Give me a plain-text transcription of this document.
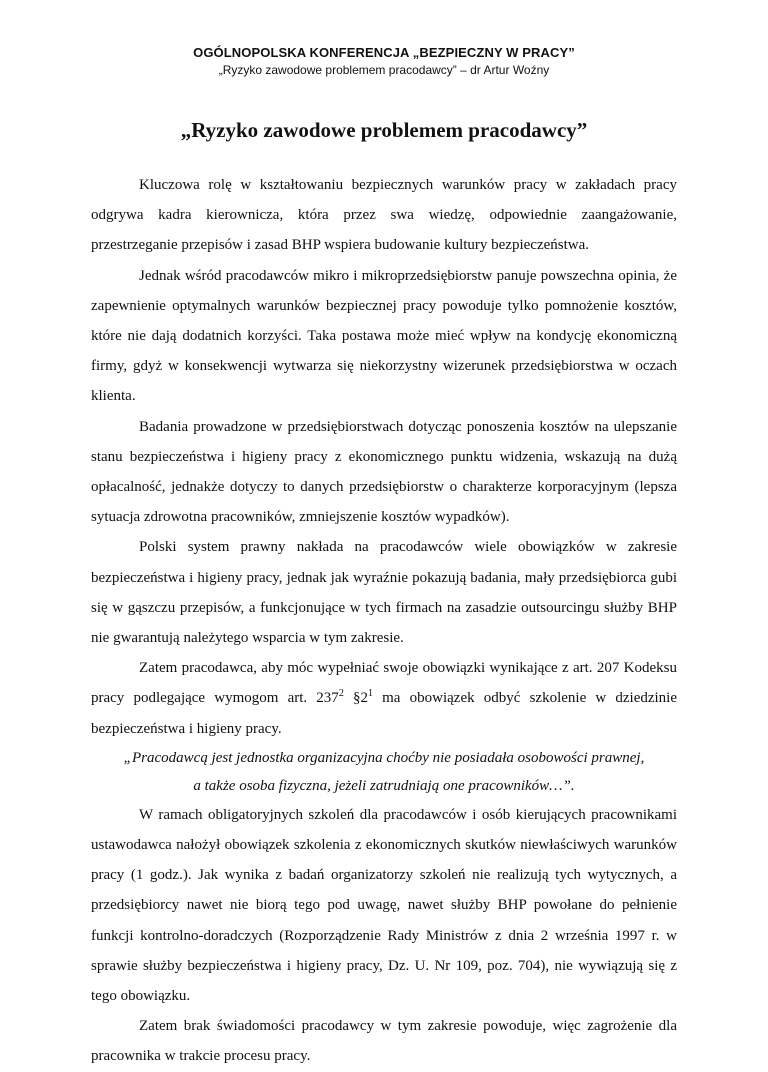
OGÓLNOPOLSKA KONFERENCJA „BEZPIECZNY W PRACY”
„Ryzyko zawodowe problemem pracodawcy” – dr Artur Woźny
„Ryzyko zawodowe problemem pracodawcy”

Kluczowa rolę w kształtowaniu bezpiecznych warunków pracy w zakładach pracy odgrywa kadra kierownicza, która przez swa wiedzę, odpowiednie zaangażowanie, przestrzeganie przepisów i zasad BHP wspiera budowanie kultury bezpieczeństwa.

Jednak wśród pracodawców mikro i mikroprzedsiębiorstw panuje powszechna opinia, że zapewnienie optymalnych warunków bezpiecznej pracy powoduje tylko pomnożenie kosztów, które nie dają dodatnich korzyści. Taka postawa może mieć wpływ na kondycję ekonomiczną firmy, gdyż w konsekwencji wytwarza się niekorzystny wizerunek przedsiębiorstwa w oczach klienta.

Badania prowadzone w przedsiębiorstwach dotycząc ponoszenia kosztów na ulepszanie stanu bezpieczeństwa i higieny pracy z ekonomicznego punktu widzenia, wskazują na dużą opłacalność, jednakże dotyczy to danych przedsiębiorstw o charakterze korporacyjnym (lepsza sytuacja zdrowotna pracowników, zmniejszenie kosztów wypadków).

Polski system prawny nakłada na pracodawców wiele obowiązków w zakresie bezpieczeństwa i higieny pracy, jednak jak wyraźnie pokazują badania, mały przedsiębiorca gubi się w gąszczu przepisów, a funkcjonujące w tych firmach na zasadzie outsourcingu służby BHP nie gwarantują należytego wsparcia w tym zakresie.

Zatem pracodawca, aby móc wypełniać swoje obowiązki wynikające z art. 207 Kodeksu pracy podlegające wymogom art. $237^2$ $\S 2^1$ ma obowiązek odbyć szkolenie w dziedzinie bezpieczeństwa i higieny pracy.

„Pracodawcą jest jednostka organizacyjna choćby nie posiadała osobowości prawnej,
a także osoba fizyczna, jeżeli zatrudniają one pracowników…”.

W ramach obligatoryjnych szkoleń dla pracodawców i osób kierujących pracownikami ustawodawca nałożył obowiązek szkolenia z ekonomicznych skutków niewłaściwych warunków pracy (1 godz.). Jak wynika z badań organizatorzy szkoleń nie realizują tych wytycznych, a przedsiębiorcy nawet nie biorą tego pod uwagę, nawet służby BHP powołane do pełnienie funkcji kontrolno-doradczych (Rozporządzenie Rady Ministrów z dnia 2 września 1997 r. w sprawie służby bezpieczeństwa i higieny pracy, Dz. U. Nr 109, poz. 704), nie wywiązują się z tego obowiązku.

Zatem brak świadomości pracodawcy w tym zakresie powoduje, więc zagrożenie dla pracownika w trakcie procesu pracy.
